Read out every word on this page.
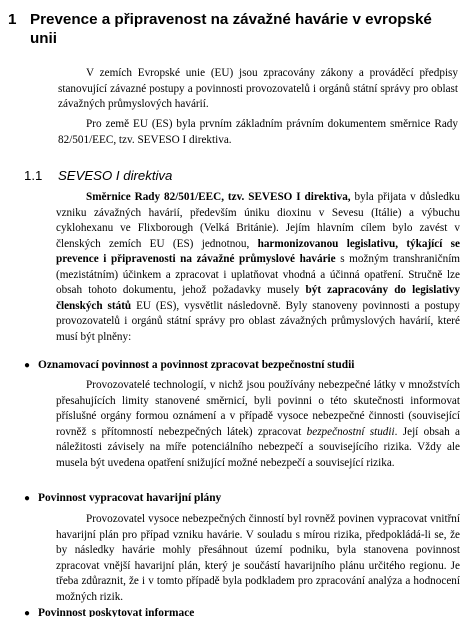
1 Prevence a připravenost na závažné havárie v evropské
unii
V zemích Evropské unie (EU) jsou zpracovány zákony a prováděcí předpisy stanovující závazné postupy a povinnosti provozovatelů i orgánů státní správy pro oblast závažných průmyslových havárií.
Pro země EU (ES) byla prvním základním právním dokumentem směrnice Rady 82/501/EEC, tzv. SEVESO I direktiva.
1.1 SEVESO I direktiva
Směrnice Rady 82/501/EEC, tzv. SEVESO I direktiva, byla přijata v důsledku vzniku závažných havárií, především úniku dioxinu v Sevesu (Itálie) a výbuchu cyklohexanu ve Flixborough (Velká Británie). Jejím hlavním cílem bylo zavést v členských zemích EU (ES) jednotnou, harmonizovanou legislativu, týkající se prevence i připravenosti na závažné průmyslové havárie s možným transhraničním (mezistátním) účinkem a zpracovat i uplatňovat vhodná a účinná opatření. Stručně lze obsah tohoto dokumentu, jehož požadavky musely být zapracovány do legislativy členských států EU (ES), vysvětlit následovně. Byly stanoveny povinnosti a postupy provozovatelů i orgánů státní správy pro oblast závažných průmyslových havárií, které musí být plněny:
● Oznamovací povinnost a povinnost zpracovat bezpečnostní studii
Provozovatelé technologií, v nichž jsou používány nebezpečné látky v množstvích přesahujících limity stanovené směrnicí, byli povinni o této skutečnosti informovat příslušné orgány formou oznámení a v případě vysoce nebezpečné činnosti (související rovněž s přítomností nebezpečných látek) zpracovat bezpečnostní studii. Její obsah a náležitosti závisely na míře potenciálního nebezpečí a souvisejícího rizika. Vždy ale musela být uvedena opatření snižující možné nebezpečí a související rizika.
● Povinnost vypracovat havarijní plány
Provozovatel vysoce nebezpečných činností byl rovněž povinen vypracovat vnitřní havarijní plán pro případ vzniku havárie. V souladu s mírou rizika, předpokládá-li se, že by následky havárie mohly přesáhnout území podniku, byla stanovena povinnost zpracovat vnější havarijní plán, který je součástí havarijního plánu určitého regionu. Je třeba zdůraznit, že i v tomto případě byla podkladem pro zpracování analýza a hodnocení možných rizik.
● Povinnost poskytovat informace
